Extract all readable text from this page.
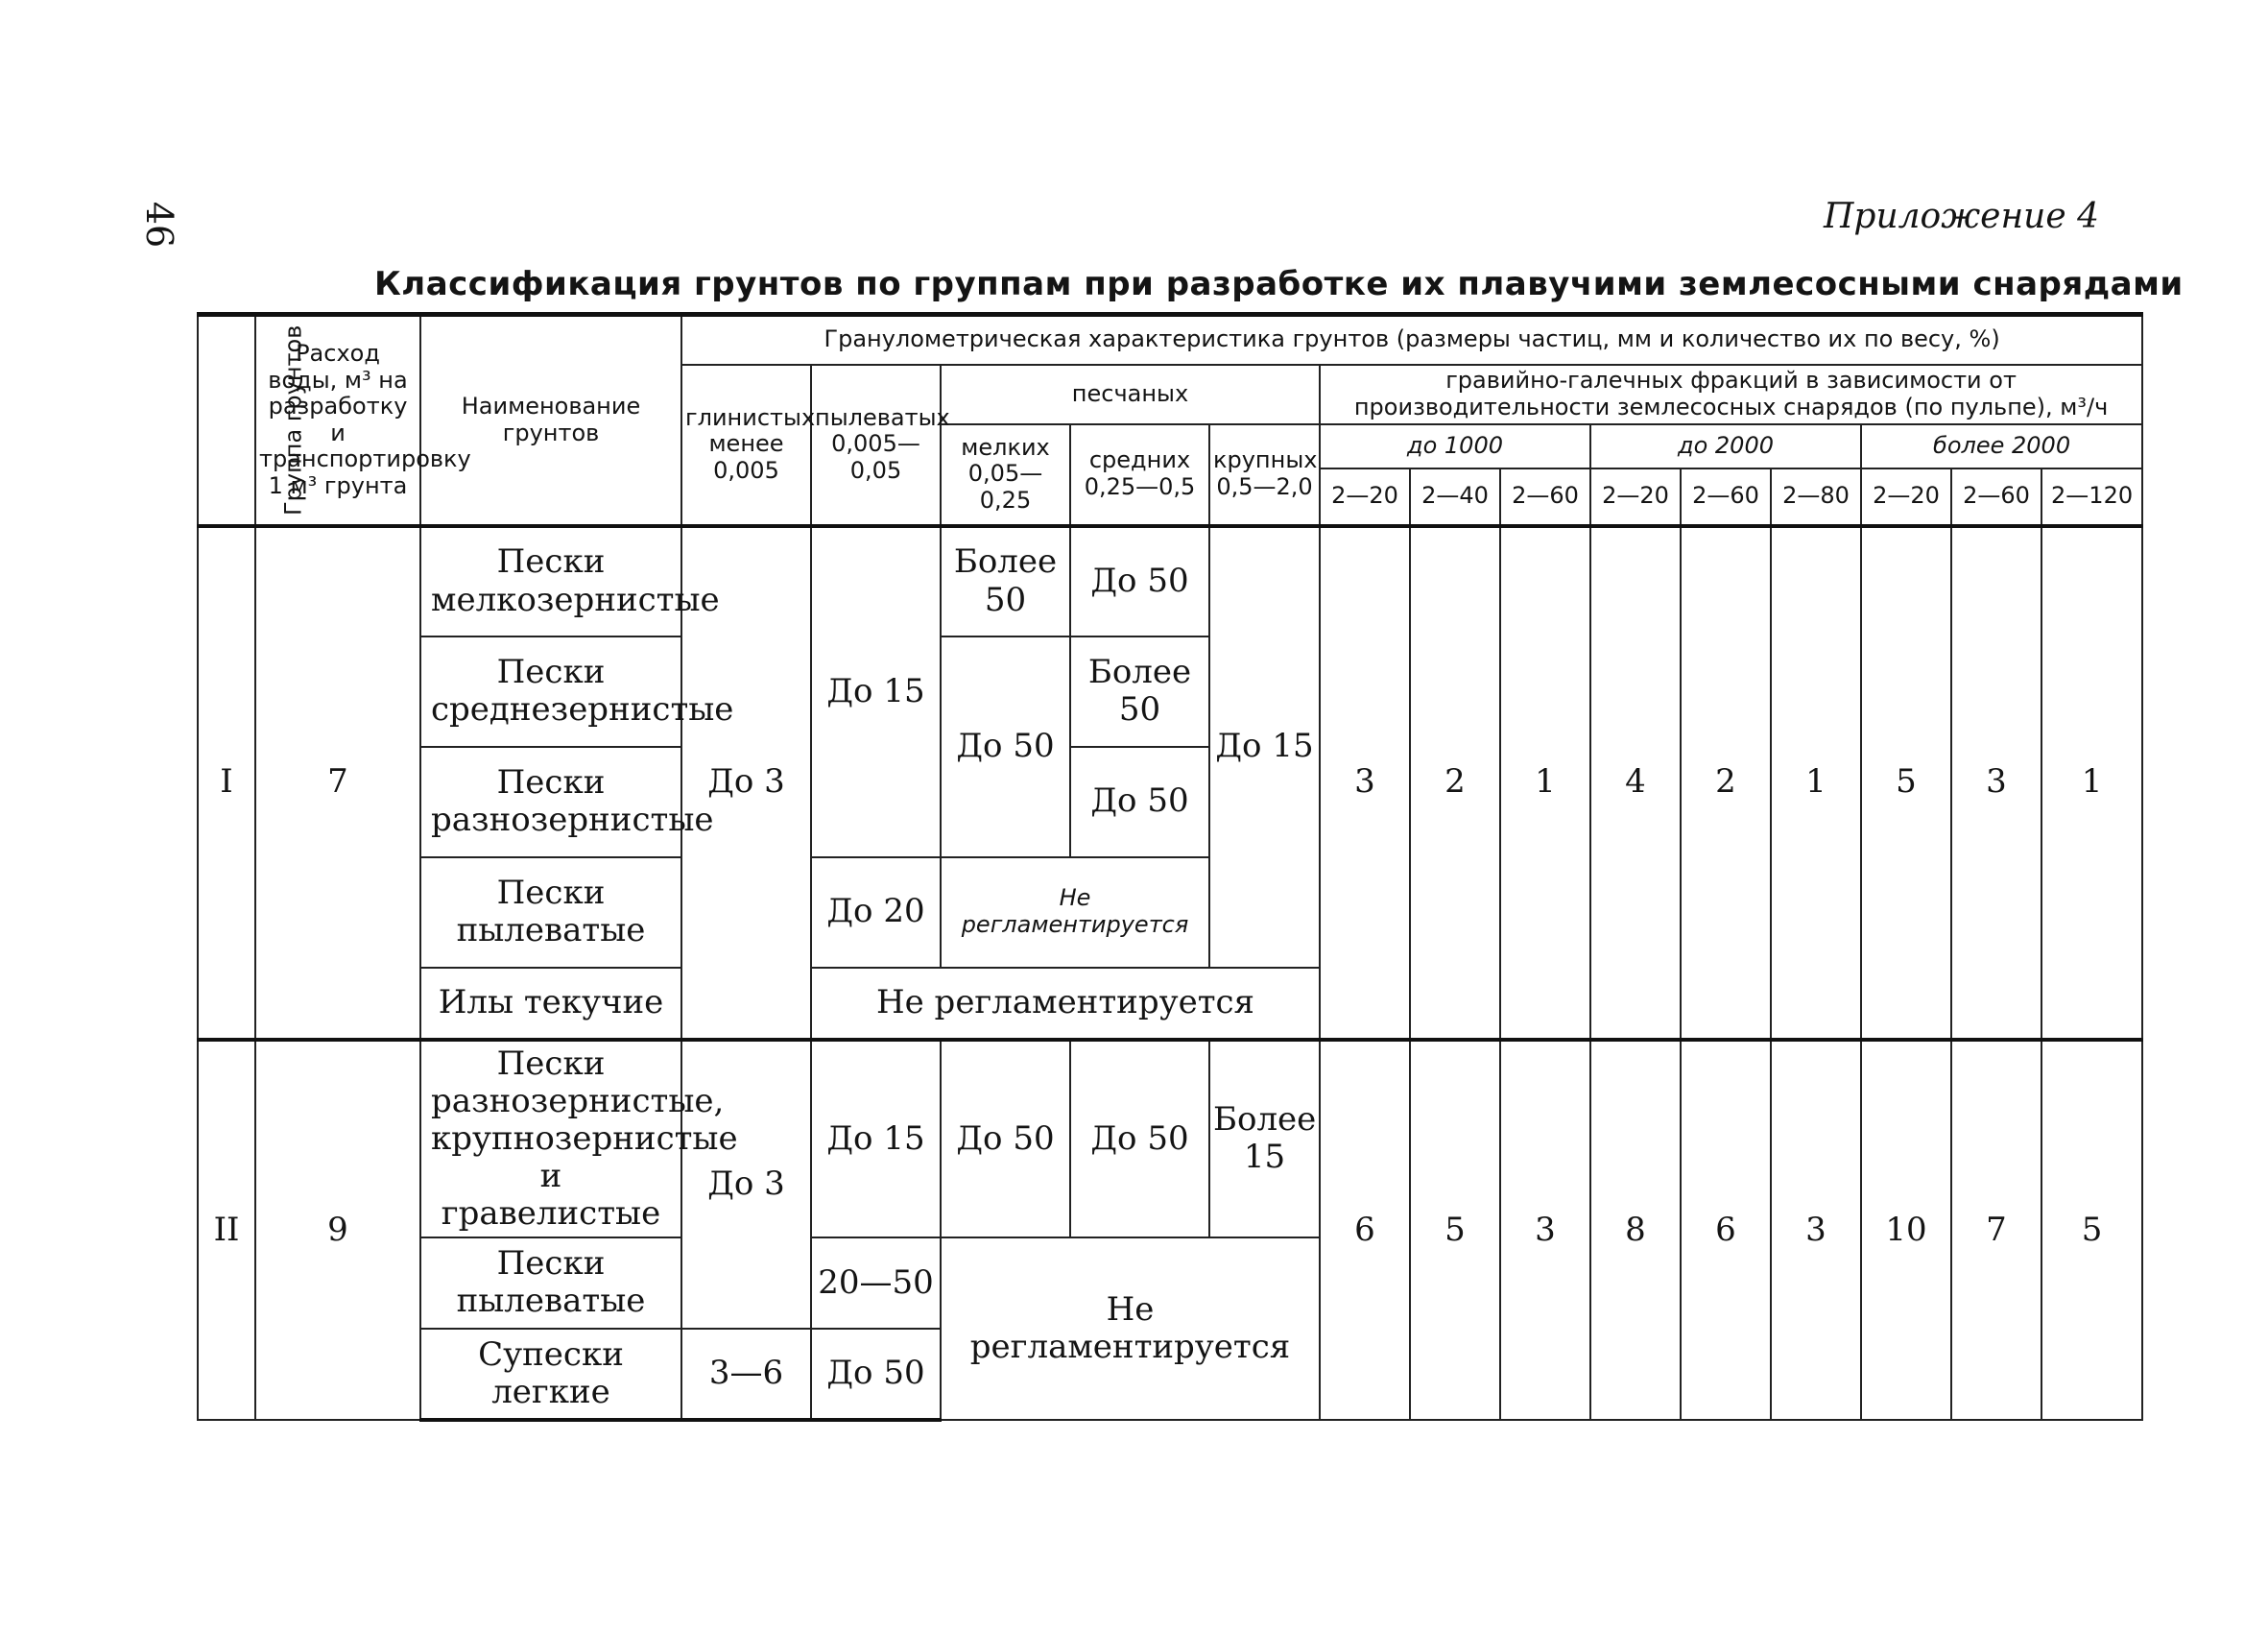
46	Приложение 4
Классификация грунтов по группам при разработке их плавучими землесосными снарядами
Группа грунтов	Расход воды, м³ на разработку и транспортировку 1 м³ грунта	Наименование грунтов	Гранулометрическая характеристика грунтов (размеры частиц, мм и количество их по весу, %)													
			глинистых менее 0,005	пылеватых 0,005—0,05	песчаных			гравийно-галечных фракций в зависимости от производительности землесосных снарядов (по пульпе), м³/ч								
					мелких 0,05—0,25	средних 0,25—0,5	крупных 0,5—2,0	до 1000			до 2000			более 2000		
								2—20	2—40	2—60	2—20	2—60	2—80	2—20	2—60	2—120
I	7	Пески мелкозернистые	До 3	До 15	Более 50	До 50	До 15	3	2	1	4	2	1	5	3	1
		Пески среднезернистые			До 50	Более 50										
		Пески разнозернистые				До 50										
		Пески пылеватые		До 20	Не регламентируется											
		Илы текучие		Не регламентируется												
II	9	Пески разнозернистые, крупнозернистые и гравелистые	До 3	До 15	До 50	До 50	Более 15	6	5	3	8	6	3	10	7	5
		Пески пылеватые		20—50	Не регламентируется											
		Супески легкие	3—6	До 50												
